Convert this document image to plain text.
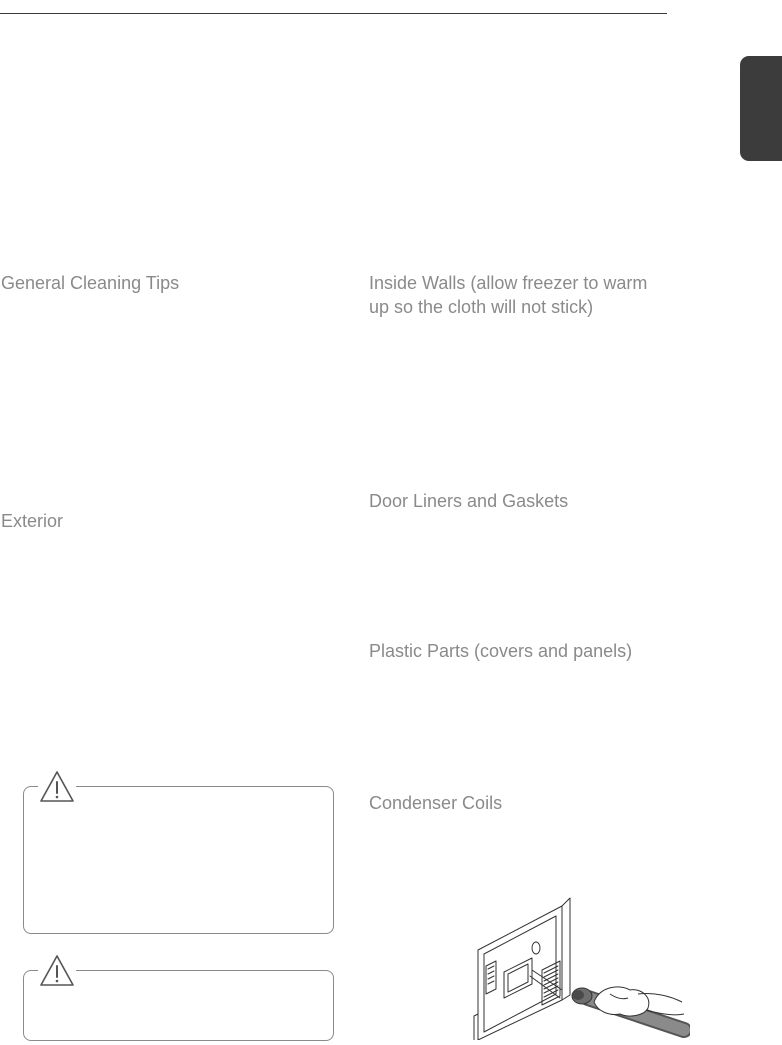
General Cleaning Tips
Exterior
Inside Walls (allow freezer to warm
up so the cloth will not stick)
Door Liners and Gaskets
Plastic Parts (covers and panels)
Condenser Coils
